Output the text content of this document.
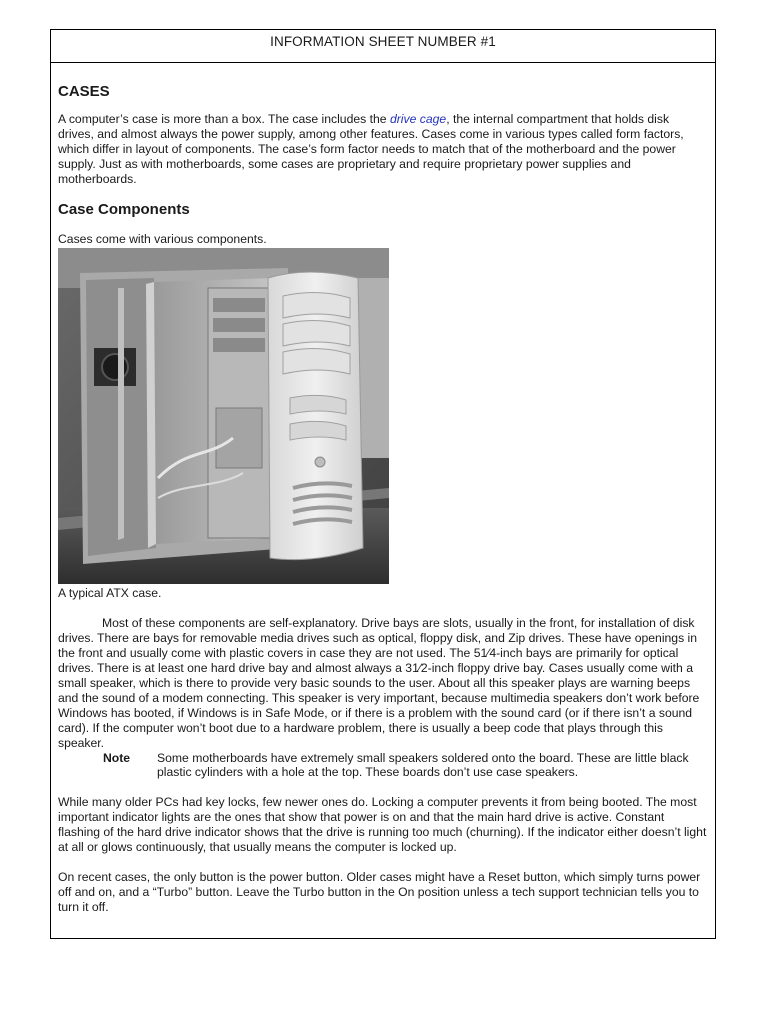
INFORMATION SHEET NUMBER #1
CASES

A computer’s case is more than a box. The case includes the drive cage, the internal compartment that holds disk drives, and almost always the power supply, among other features. Cases come in various types called form factors, which differ in layout of components. The case’s form factor needs to match that of the motherboard and the power supply. Just as with motherboards, some cases are proprietary and require proprietary power supplies and motherboards.

Case Components

Cases come with various components.

A typical ATX case.

Most of these components are self-explanatory. Drive bays are slots, usually in the front, for installation of disk drives. There are bays for removable media drives such as optical, floppy disk, and Zip drives. These have openings in the front and usually come with plastic covers in case they are not used. The 51⁄4-inch bays are primarily for optical drives. There is at least one hard drive bay and almost always a 31⁄2-inch floppy drive bay. Cases usually come with a small speaker, which is there to provide very basic sounds to the user. About all this speaker plays are warning beeps and the sound of a modem connecting. This speaker is very important, because multimedia speakers don’t work before Windows has booted, if Windows is in Safe Mode, or if there is a problem with the sound card (or if there isn’t a sound card). If the computer won’t boot due to a hardware problem, there is usually a beep code that plays through this speaker.

Note	Some motherboards have extremely small speakers soldered onto the board. These are little black plastic cylinders with a hole at the top. These boards don’t use case speakers.

While many older PCs had key locks, few newer ones do. Locking a computer prevents it from being booted. The most important indicator lights are the ones that show that power is on and that the main hard drive is active. Constant flashing of the hard drive indicator shows that the drive is running too much (churning). If the indicator either doesn’t light at all or glows continuously, that usually means the computer is locked up.

On recent cases, the only button is the power button. Older cases might have a Reset button, which simply turns power off and on, and a “Turbo” button. Leave the Turbo button in the On position unless a tech support technician tells you to turn it off.
